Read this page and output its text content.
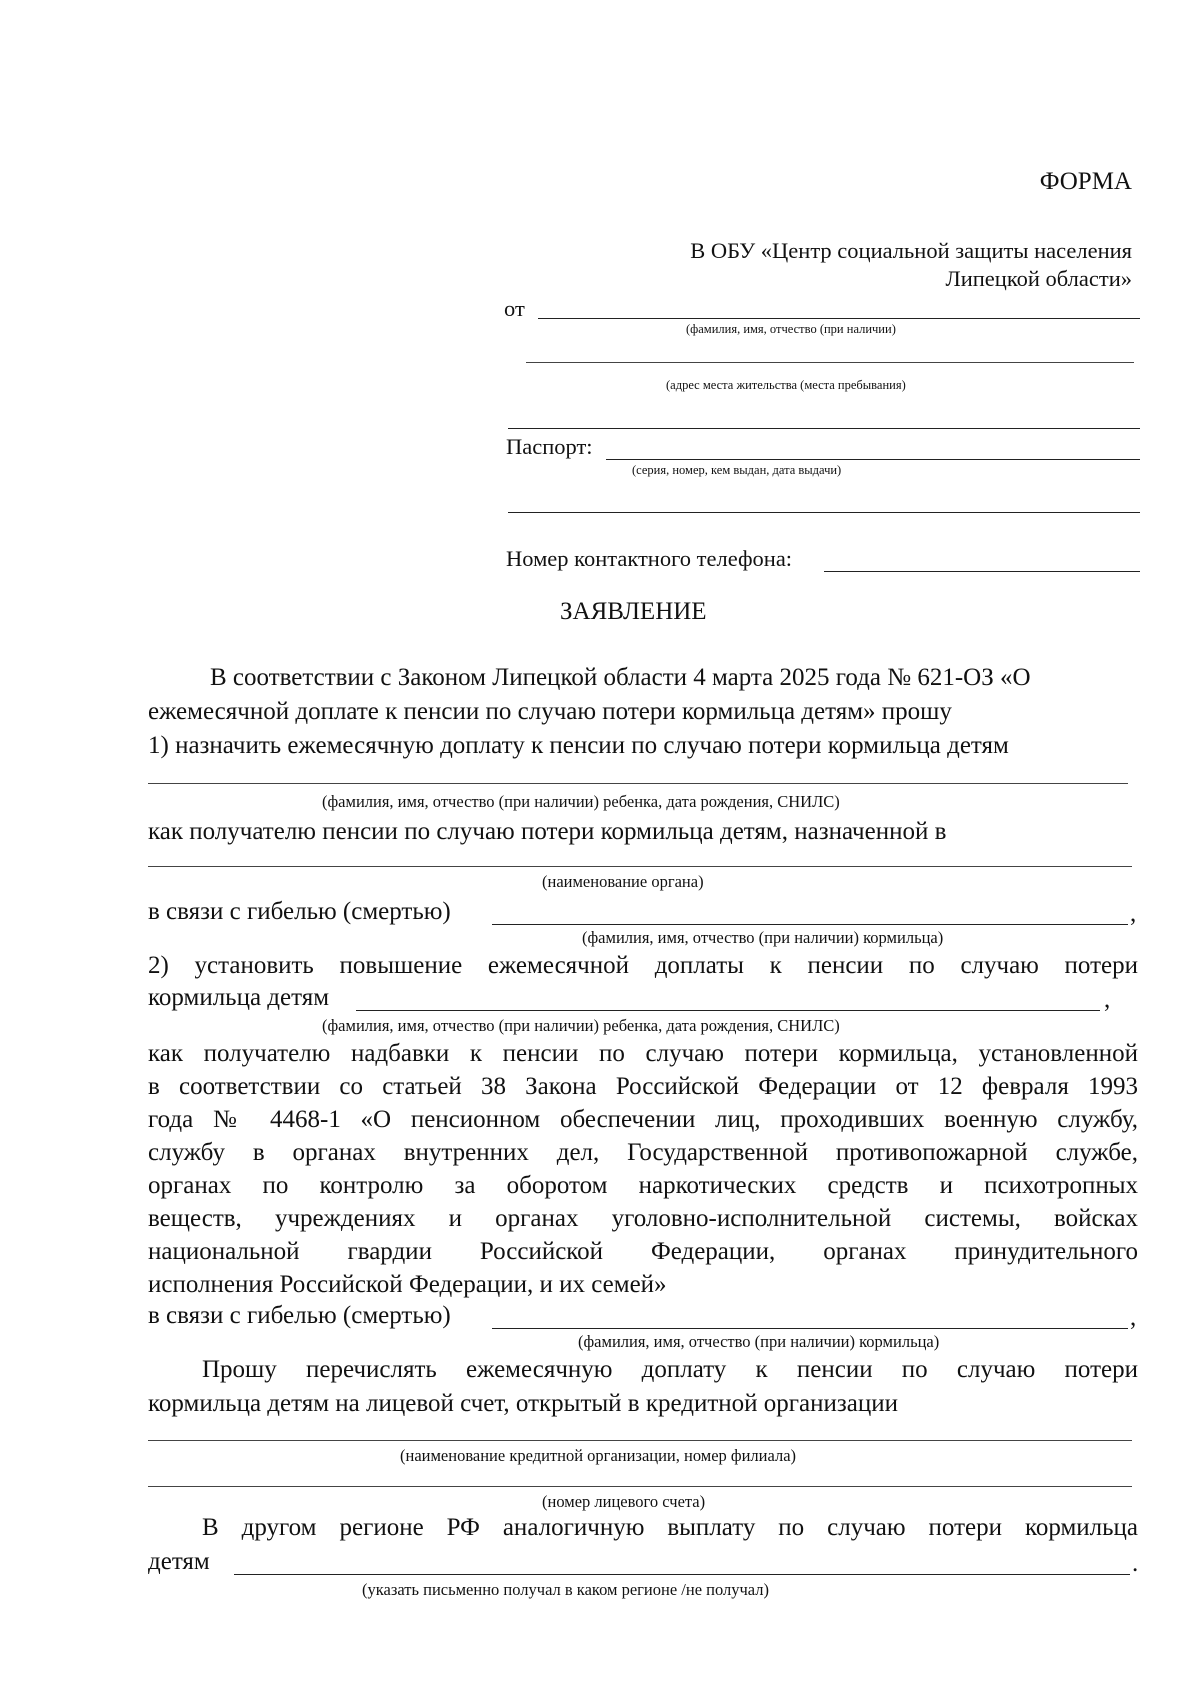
ФОРМА
В ОБУ «Центр социальной защиты населения
Липецкой области»
от
(фамилия, имя, отчество (при наличии)
(адрес места жительства (места пребывания)
Паспорт:
(серия, номер, кем выдан, дата выдачи)
Номер контактного телефона:
ЗАЯВЛЕНИЕ
В соответствии с Законом Липецкой области 4 марта 2025 года № 621-ОЗ «О
ежемесячной доплате к пенсии по случаю потери кормильца детям» прошу
1) назначить ежемесячную доплату к пенсии по случаю потери кормильца детям
(фамилия, имя, отчество (при наличии) ребенка, дата рождения, СНИЛС)
как получателю пенсии по случаю потери кормильца детям, назначенной в
(наименование органа)
в связи с гибелью (смертью)	,
(фамилия, имя, отчество (при наличии) кормильца)
2) установить повышение ежемесячной доплаты к пенсии по случаю потери
кормильца детям	,
(фамилия, имя, отчество (при наличии) ребенка, дата рождения, СНИЛС)
как получателю надбавки к пенсии по случаю потери кормильца, установленной
в соответствии со статьей 38 Закона Российской Федерации от 12 февраля 1993
года № 4468-1 «О пенсионном обеспечении лиц, проходивших военную службу,
службу в органах внутренних дел, Государственной противопожарной службе,
органах по контролю за оборотом наркотических средств и психотропных
веществ, учреждениях и органах уголовно-исполнительной системы, войсках
национальной гвардии Российской Федерации, органах принудительного
исполнения Российской Федерации, и их семей»
в связи с гибелью (смертью)	,
(фамилия, имя, отчество (при наличии) кормильца)
Прошу перечислять ежемесячную доплату к пенсии по случаю потери
кормильца детям на лицевой счет, открытый в кредитной организации
(наименование кредитной организации, номер филиала)
(номер лицевого счета)
В другом регионе РФ аналогичную выплату по случаю потери кормильца
детям	.
(указать письменно получал в каком регионе /не получал)
